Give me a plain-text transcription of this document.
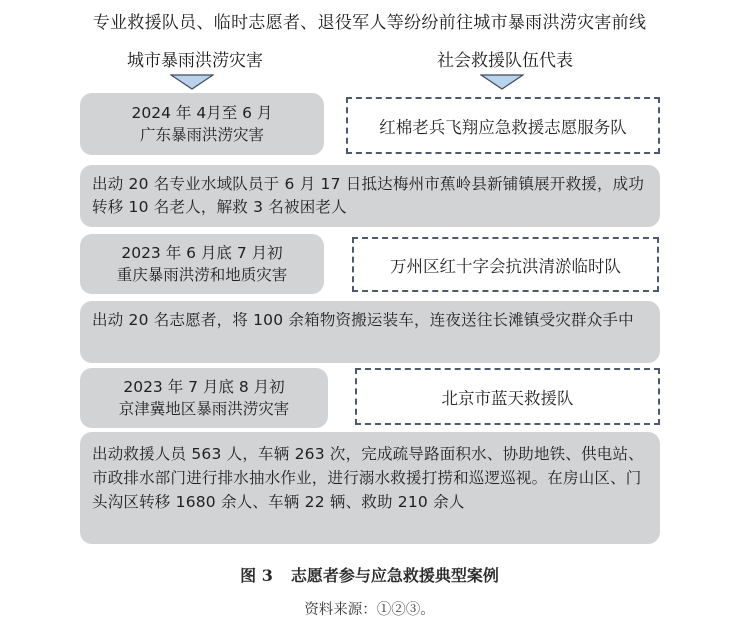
专业救援队员、临时志愿者、退役军人等纷纷前往城市暴雨洪涝灾害前线
城市暴雨洪涝灾害	社会救援队伍代表
2024 年 4月至 6 月
广东暴雨洪涝灾害	红棉老兵飞翔应急救援志愿服务队
出动 20 名专业水域队员于 6 月 17 日抵达梅州市蕉岭县新铺镇展开救援，成功转移 10 名老人，解救 3 名被困老人
2023 年 6 月底 7 月初
重庆暴雨洪涝和地质灾害	万州区红十字会抗洪清淤临时队
出动 20 名志愿者，将 100 余箱物资搬运装车，连夜送往长滩镇受灾群众手中
2023 年 7 月底 8 月初
京津冀地区暴雨洪涝灾害
北京市蓝天救援队
出动救援人员 563 人，车辆 263 次，完成疏导路面积水、协助地铁、供电站、市政排水部门进行排水抽水作业，进行溺水救援打捞和巡逻巡视。在房山区、门头沟区转移 1680 余人、车辆 22 辆、救助 210 余人
图 3 志愿者参与应急救援典型案例
资料来源：①②③。
